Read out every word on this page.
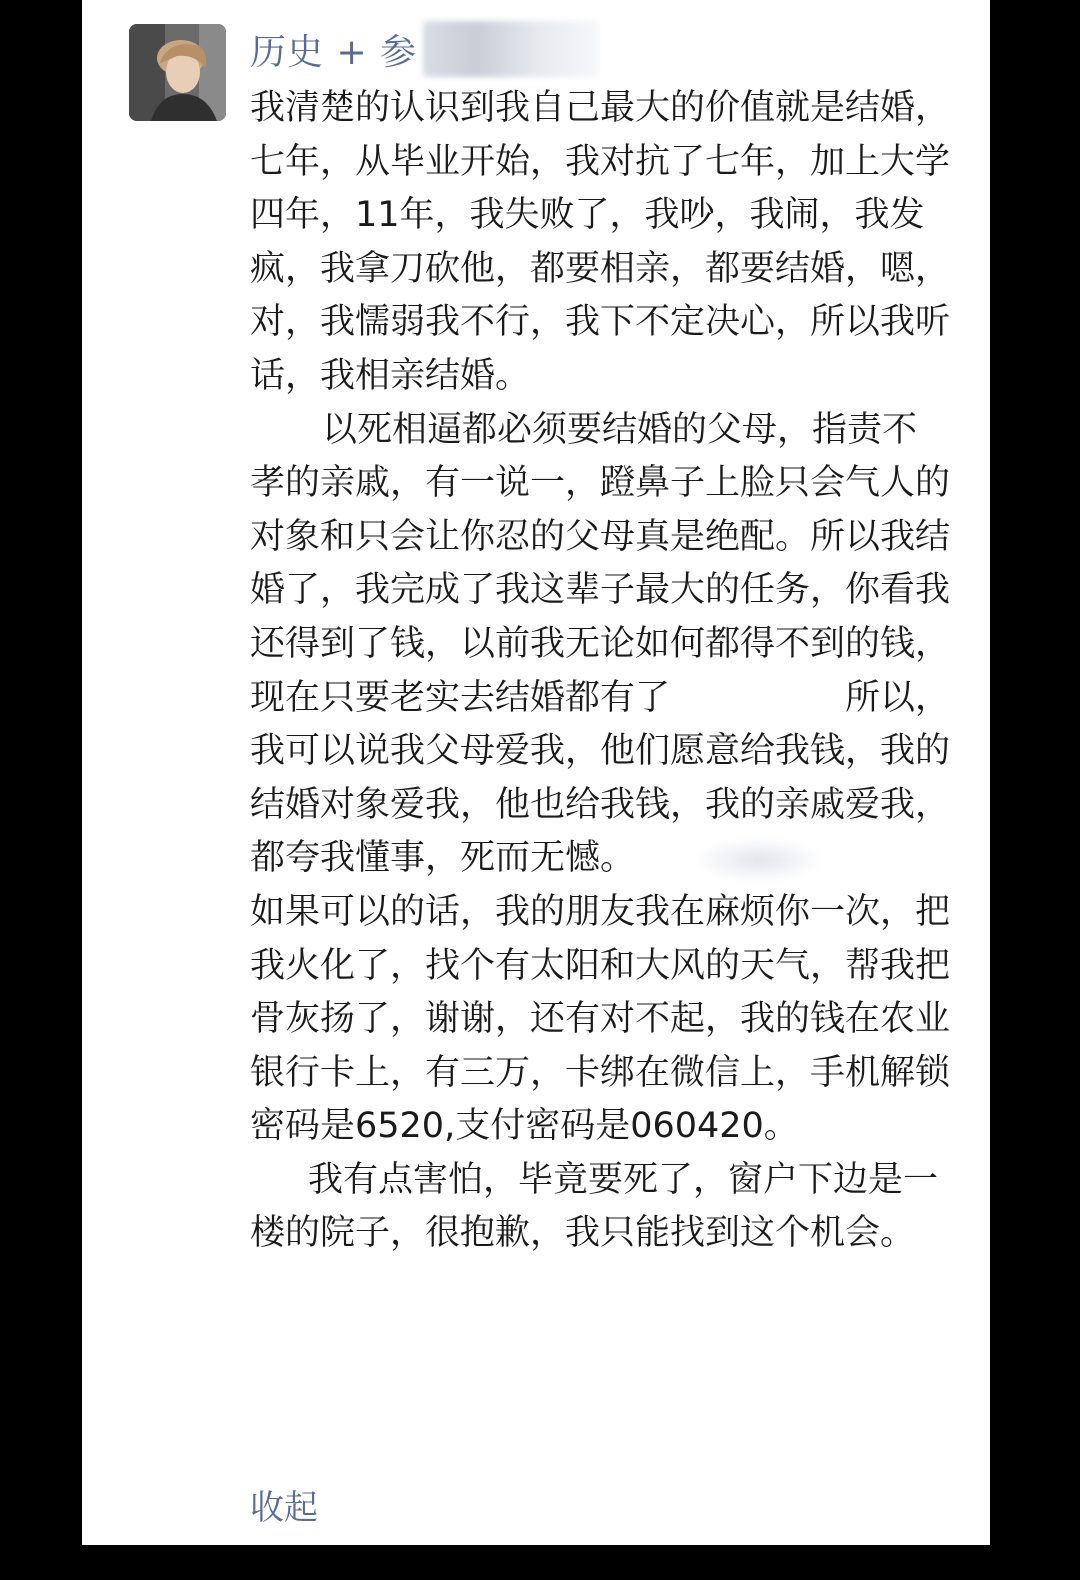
历史 + 参

我清楚的认识到我自己最大的价值就是结婚，七年，从毕业开始，我对抗了七年，加上大学四年，11年，我失败了，我吵，我闹，我发疯，我拿刀砍他，都要相亲，都要结婚，嗯，对，我懦弱我不行，我下不定决心，所以我听话，我相亲结婚。

以死相逼都必须要结婚的父母，指责不孝的亲戚，有一说一，蹬鼻子上脸只会气人的对象和只会让你忍的父母真是绝配。所以我结婚了，我完成了我这辈子最大的任务，你看我还得到了钱，以前我无论如何都得不到的钱，现在只要老实去结婚都有了　　　　　所以，我可以说我父母爱我，他们愿意给我钱，我的结婚对象爱我，他也给我钱，我的亲戚爱我，都夸我懂事，死而无憾。

如果可以的话，我的朋友我在麻烦你一次，把我火化了，找个有太阳和大风的天气，帮我把骨灰扬了，谢谢，还有对不起，我的钱在农业银行卡上，有三万，卡绑在微信上，手机解锁密码是6520,支付密码是060420。

我有点害怕，毕竟要死了，窗户下边是一楼的院子，很抱歉，我只能找到这个机会。

收起
